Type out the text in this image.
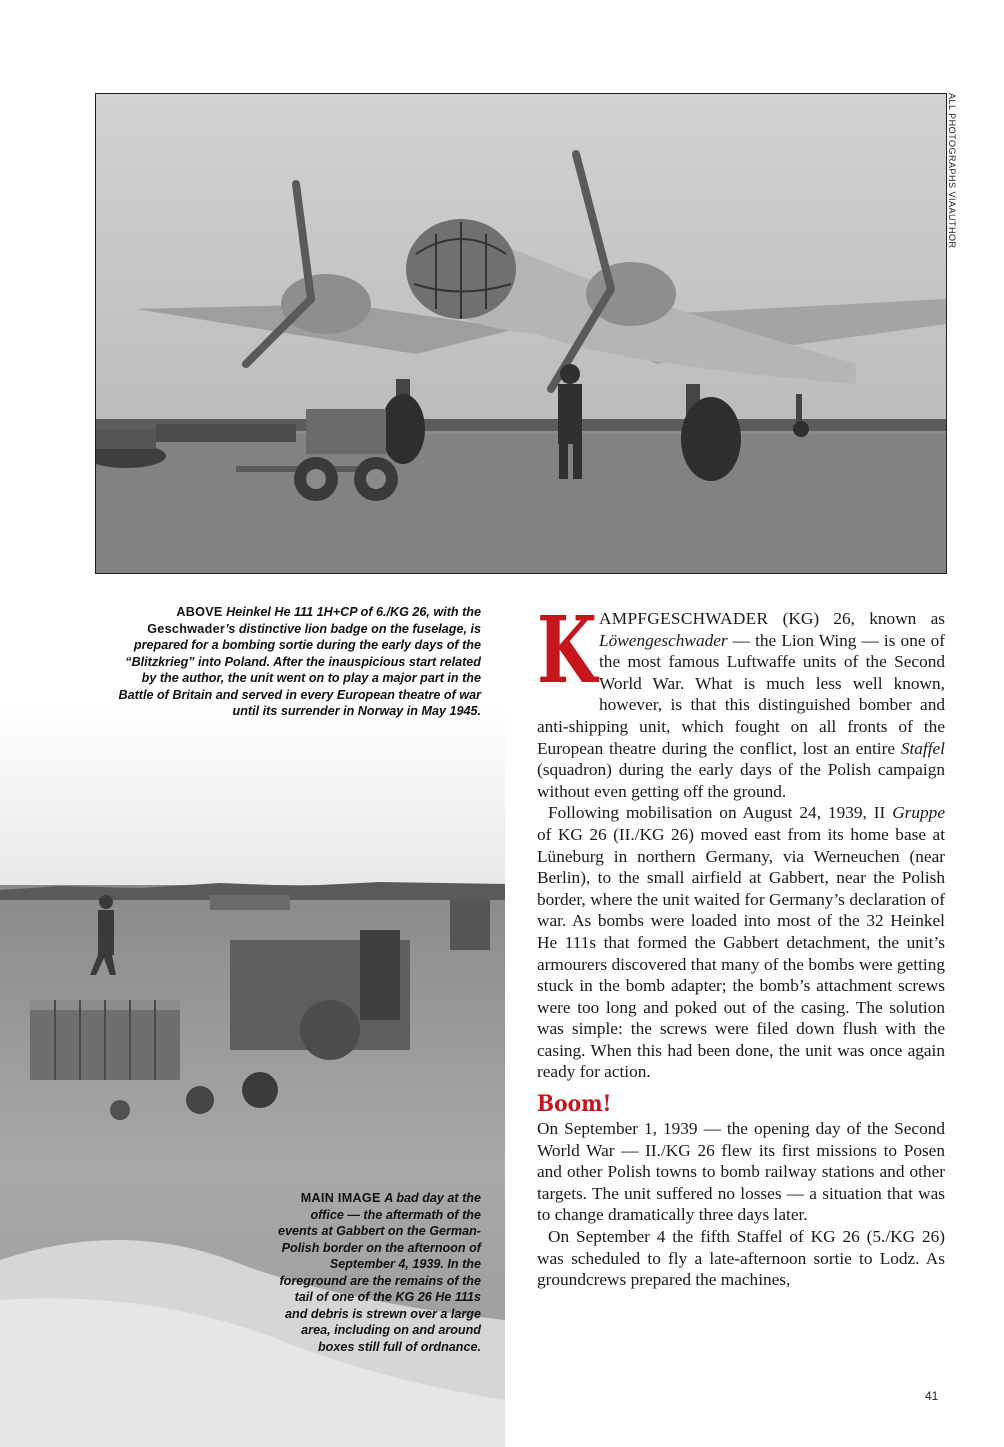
ALL PHOTOGRAPHS VIAAUTHOR
ABOVE Heinkel He 111 1H+CP of 6./KG 26, with the Geschwader’s distinctive lion badge on the fuselage, is prepared for a bombing sortie during the early days of the “Blitzkrieg” into Poland. After the inauspicious start related by the author, the unit went on to play a major part in the Battle of Britain and served in every European theatre of war until its surrender in Norway in May 1945.
MAIN IMAGE A bad day at the office — the aftermath of the events at Gabbert on the German-Polish border on the afternoon of September 4, 1939. In the foreground are the remains of the tail of one of the KG 26 He 111s and debris is strewn over a large area, including on and around boxes still full of ordnance.

KAMPFGESCHWADER (KG) 26, known as Löwengeschwader — the Lion Wing — is one of the most famous Luftwaffe units of the Second World War. What is much less well known, however, is that this distinguished bomber and anti-shipping unit, which fought on all fronts of the European theatre during the conflict, lost an entire Staffel (squadron) during the early days of the Polish campaign without even getting off the ground.

Following mobilisation on August 24, 1939, II Gruppe of KG 26 (II./KG 26) moved east from its home base at Lüneburg in northern Germany, via Werneuchen (near Berlin), to the small airfield at Gabbert, near the Polish border, where the unit waited for Germany’s declaration of war. As bombs were loaded into most of the 32 Heinkel He 111s that formed the Gabbert detachment, the unit’s armourers discovered that many of the bombs were getting stuck in the bomb adapter; the bomb’s attachment screws were too long and poked out of the casing. The solution was simple: the screws were filed down flush with the casing. When this had been done, the unit was once again ready for action.

Boom!

On September 1, 1939 — the opening day of the Second World War — II./KG 26 flew its first missions to Posen and other Polish towns to bomb railway stations and other targets. The unit suffered no losses — a situation that was to change dramatically three days later.

On September 4 the fifth Staffel of KG 26 (5./KG 26) was scheduled to fly a late-afternoon sortie to Lodz. As groundcrews prepared the machines,

41
